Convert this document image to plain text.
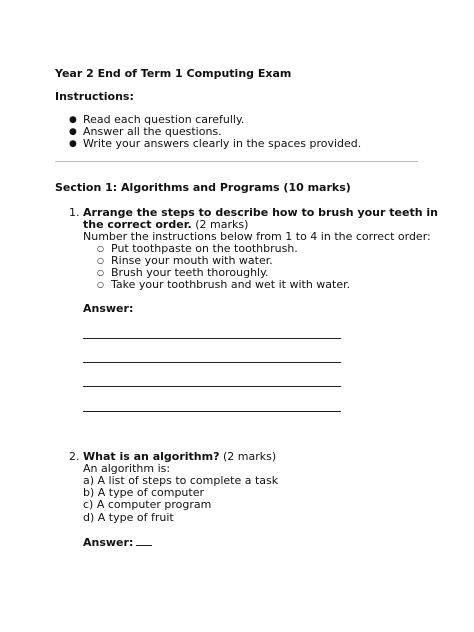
Year 2 End of Term 1 Computing Exam
Instructions:
● Read each question carefully.
● Answer all the questions.
● Write your answers clearly in the spaces provided.
Section 1: Algorithms and Programs (10 marks)
1. Arrange the steps to describe how to brush your teeth in
the correct order. (2 marks)
Number the instructions below from 1 to 4 in the correct order:
○ Put toothpaste on the toothbrush.
○ Rinse your mouth with water.
○ Brush your teeth thoroughly.
○ Take your toothbrush and wet it with water.
Answer:
2. What is an algorithm? (2 marks)
An algorithm is:
a) A list of steps to complete a task
b) A type of computer
c) A computer program
d) A type of fruit
Answer:
